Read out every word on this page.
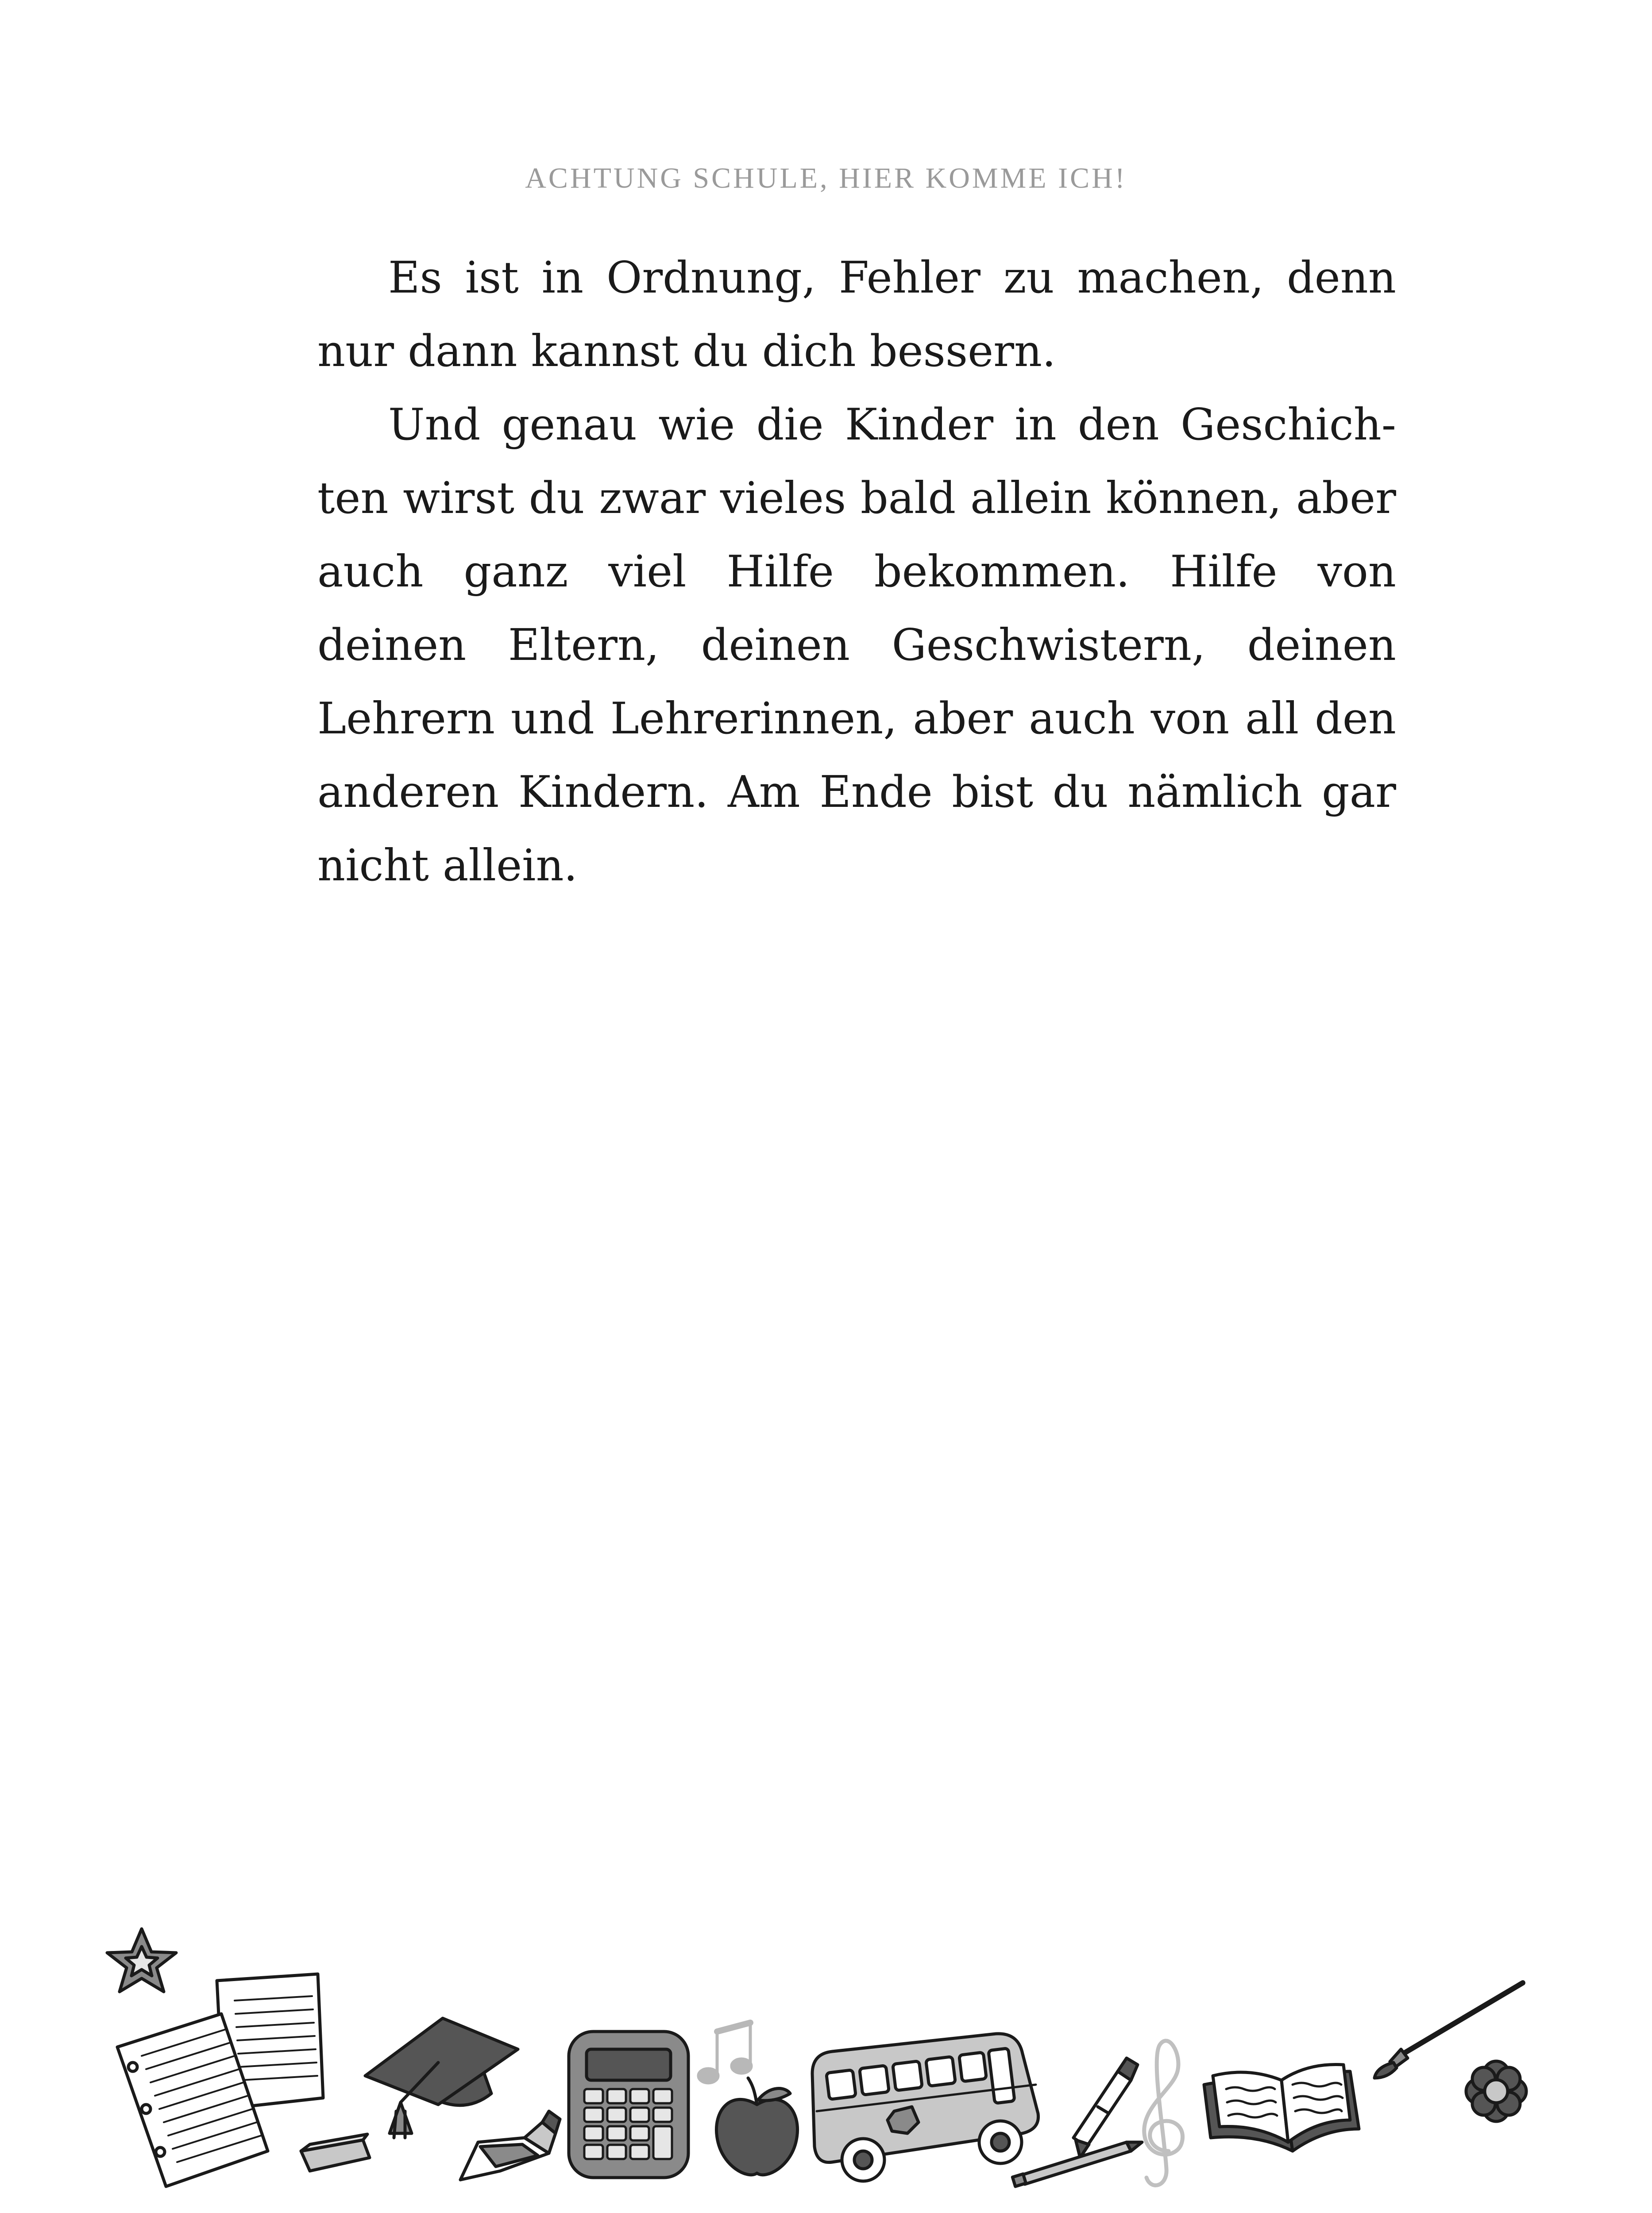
ACHTUNG SCHULE, HIER KOMME ICH!

Es ist in Ordnung, Fehler zu machen, denn nur dann kannst du dich bessern.

Und genau wie die Kinder in den Geschichten wirst du zwar vieles bald allein können, aber auch ganz viel Hilfe bekommen. Hilfe von deinen Eltern, deinen Geschwistern, deinen Lehrern und Lehrerinnen, aber auch von all den anderen Kindern. Am Ende bist du nämlich gar nicht allein.
